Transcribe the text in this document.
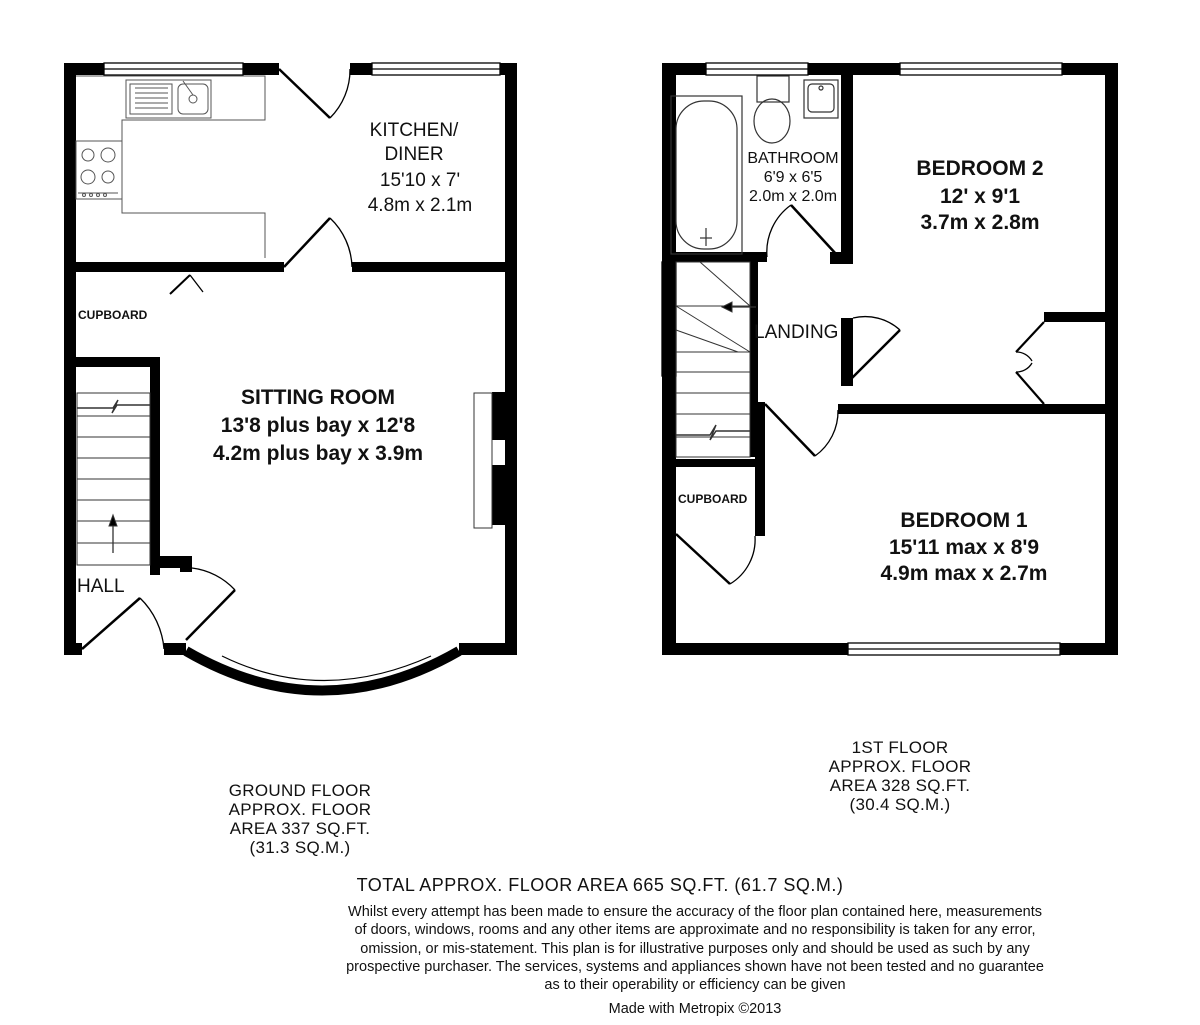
KITCHEN/
DINER
15'10 x 7'
4.8m x 2.1m
CUPBOARD
SITTING ROOM
13'8 plus bay x 12'8
4.2m plus bay x 3.9m
HALL
BATHROOM
6'9 x 6'5
2.0m x 2.0m
BEDROOM 2
12' x 9'1
3.7m x 2.8m
LANDING
CUPBOARD
BEDROOM 1
15'11 max x 8'9
4.9m max x 2.7m
GROUND FLOOR
APPROX. FLOOR
AREA 337 SQ.FT.
(31.3 SQ.M.)
1ST FLOOR
APPROX. FLOOR
AREA 328 SQ.FT.
(30.4 SQ.M.)
TOTAL APPROX. FLOOR AREA 665 SQ.FT. (61.7 SQ.M.)
Whilst every attempt has been made to ensure the accuracy of the floor plan contained here, measurements
of doors, windows, rooms and any other items are approximate and no responsibility is taken for any error,
omission, or mis-statement. This plan is for illustrative purposes only and should be used as such by any
prospective purchaser. The services, systems and appliances shown have not been tested and no guarantee
as to their operability or efficiency can be given
Made with Metropix ©2013
